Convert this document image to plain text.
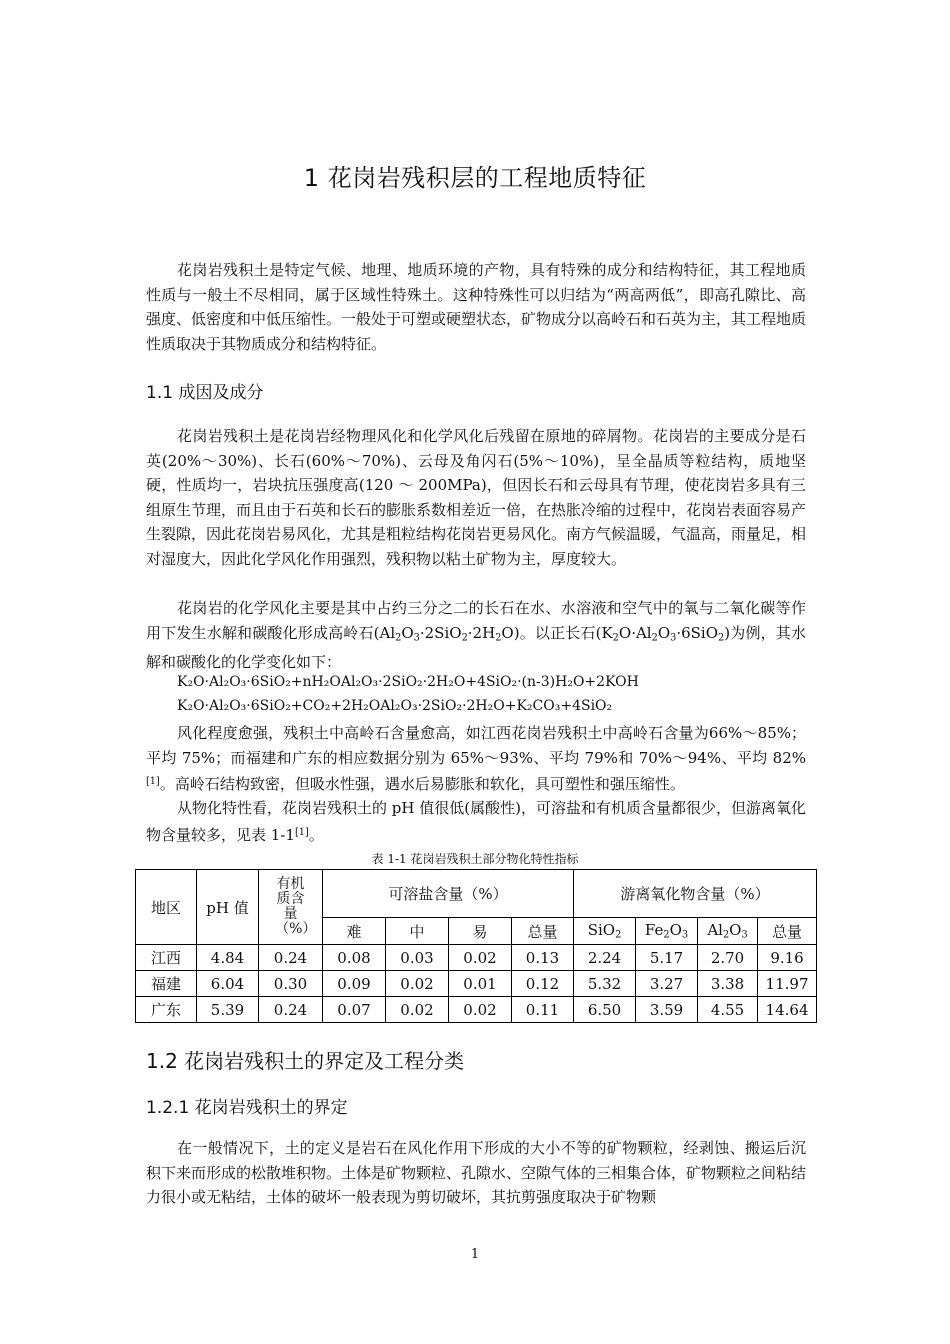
1 花岗岩残积层的工程地质特征

花岗岩残积土是特定气候、地理、地质环境的产物，具有特殊的成分和结构特征，其工程地质性质与一般土不尽相同，属于区域性特殊土。这种特殊性可以归结为“两高两低”，即高孔隙比、高强度、低密度和中低压缩性。一般处于可塑或硬塑状态，矿物成分以高岭石和石英为主，其工程地质性质取决于其物质成分和结构特征。

1.1 成因及成分

花岗岩残积土是花岗岩经物理风化和化学风化后残留在原地的碎屑物。花岗岩的主要成分是石英(20%～30%)、长石(60%～70%)、云母及角闪石(5%～10%)，呈全晶质等粒结构，质地坚硬，性质均一，岩块抗压强度高(120 ～ 200MPa)，但因长石和云母具有节理，使花岗岩多具有三组原生节理，而且由于石英和长石的膨胀系数相差近一倍，在热胀冷缩的过程中，花岗岩表面容易产生裂隙，因此花岗岩易风化，尤其是粗粒结构花岗岩更易风化。南方气候温暖，气温高，雨量足，相对湿度大，因此化学风化作用强烈，残积物以粘土矿物为主，厚度较大。

花岗岩的化学风化主要是其中占约三分之二的长石在水、水溶液和空气中的氧与二氧化碳等作用下发生水解和碳酸化形成高岭石$(Al_2O_3\cdot 2SiO_2\cdot 2H_2O)$。以正长石$(K_2O\cdot Al_2O_3\cdot 6SiO_2)$为例，其水解和碳酸化的化学变化如下：

K₂O·Al₂O₃·6SiO₂+nH₂OAl₂O₃·2SiO₂·2H₂O+4SiO₂·(n-3)H₂O+2KOH
K₂O·Al₂O₃·6SiO₂+CO₂+2H₂OAl₂O₃·2SiO₂·2H₂O+K₂CO₃+4SiO₂

风化程度愈强，残积土中高岭石含量愈高，如江西花岗岩残积土中高岭石含量为66%～85%；平均 75%；而福建和广东的相应数据分别为 65%～93%、平均 79%和 70%～94%、平均 82%[1]。高岭石结构致密，但吸水性强，遇水后易膨胀和软化，具可塑性和强压缩性。

从物化特性看，花岗岩残积土的 pH 值很低(属酸性)，可溶盐和有机质含量都很少，但游离氧化物含量较多，见表 1-1[1]。

表 1-1 花岗岩残积土部分物化特性指标
地区	pH 值	有机质含量（%）	可溶盐含量（%）				游离氧化物含量（%）			
			难	中	易	总量	SiO$_2$	$Fe_2O_3$	$Al_2O_3$	总量
江西	4.84	0.24	0.08	0.03	0.02	0.13	2.24	5.17	2.70	9.16
福建	6.04	0.30	0.09	0.02	0.01	0.12	5.32	3.27	3.38	11.97
广东	5.39	0.24	0.07	0.02	0.02	0.11	6.50	3.59	4.55	14.64
1.2 花岗岩残积土的界定及工程分类
1.2.1 花岗岩残积土的界定

在一般情况下，土的定义是岩石在风化作用下形成的大小不等的矿物颗粒，经剥蚀、搬运后沉积下来而形成的松散堆积物。土体是矿物颗粒、孔隙水、空隙气体的三相集合体，矿物颗粒之间粘结力很小或无粘结，土体的破坏一般表现为剪切破坏，其抗剪强度取决于矿物颗

1
